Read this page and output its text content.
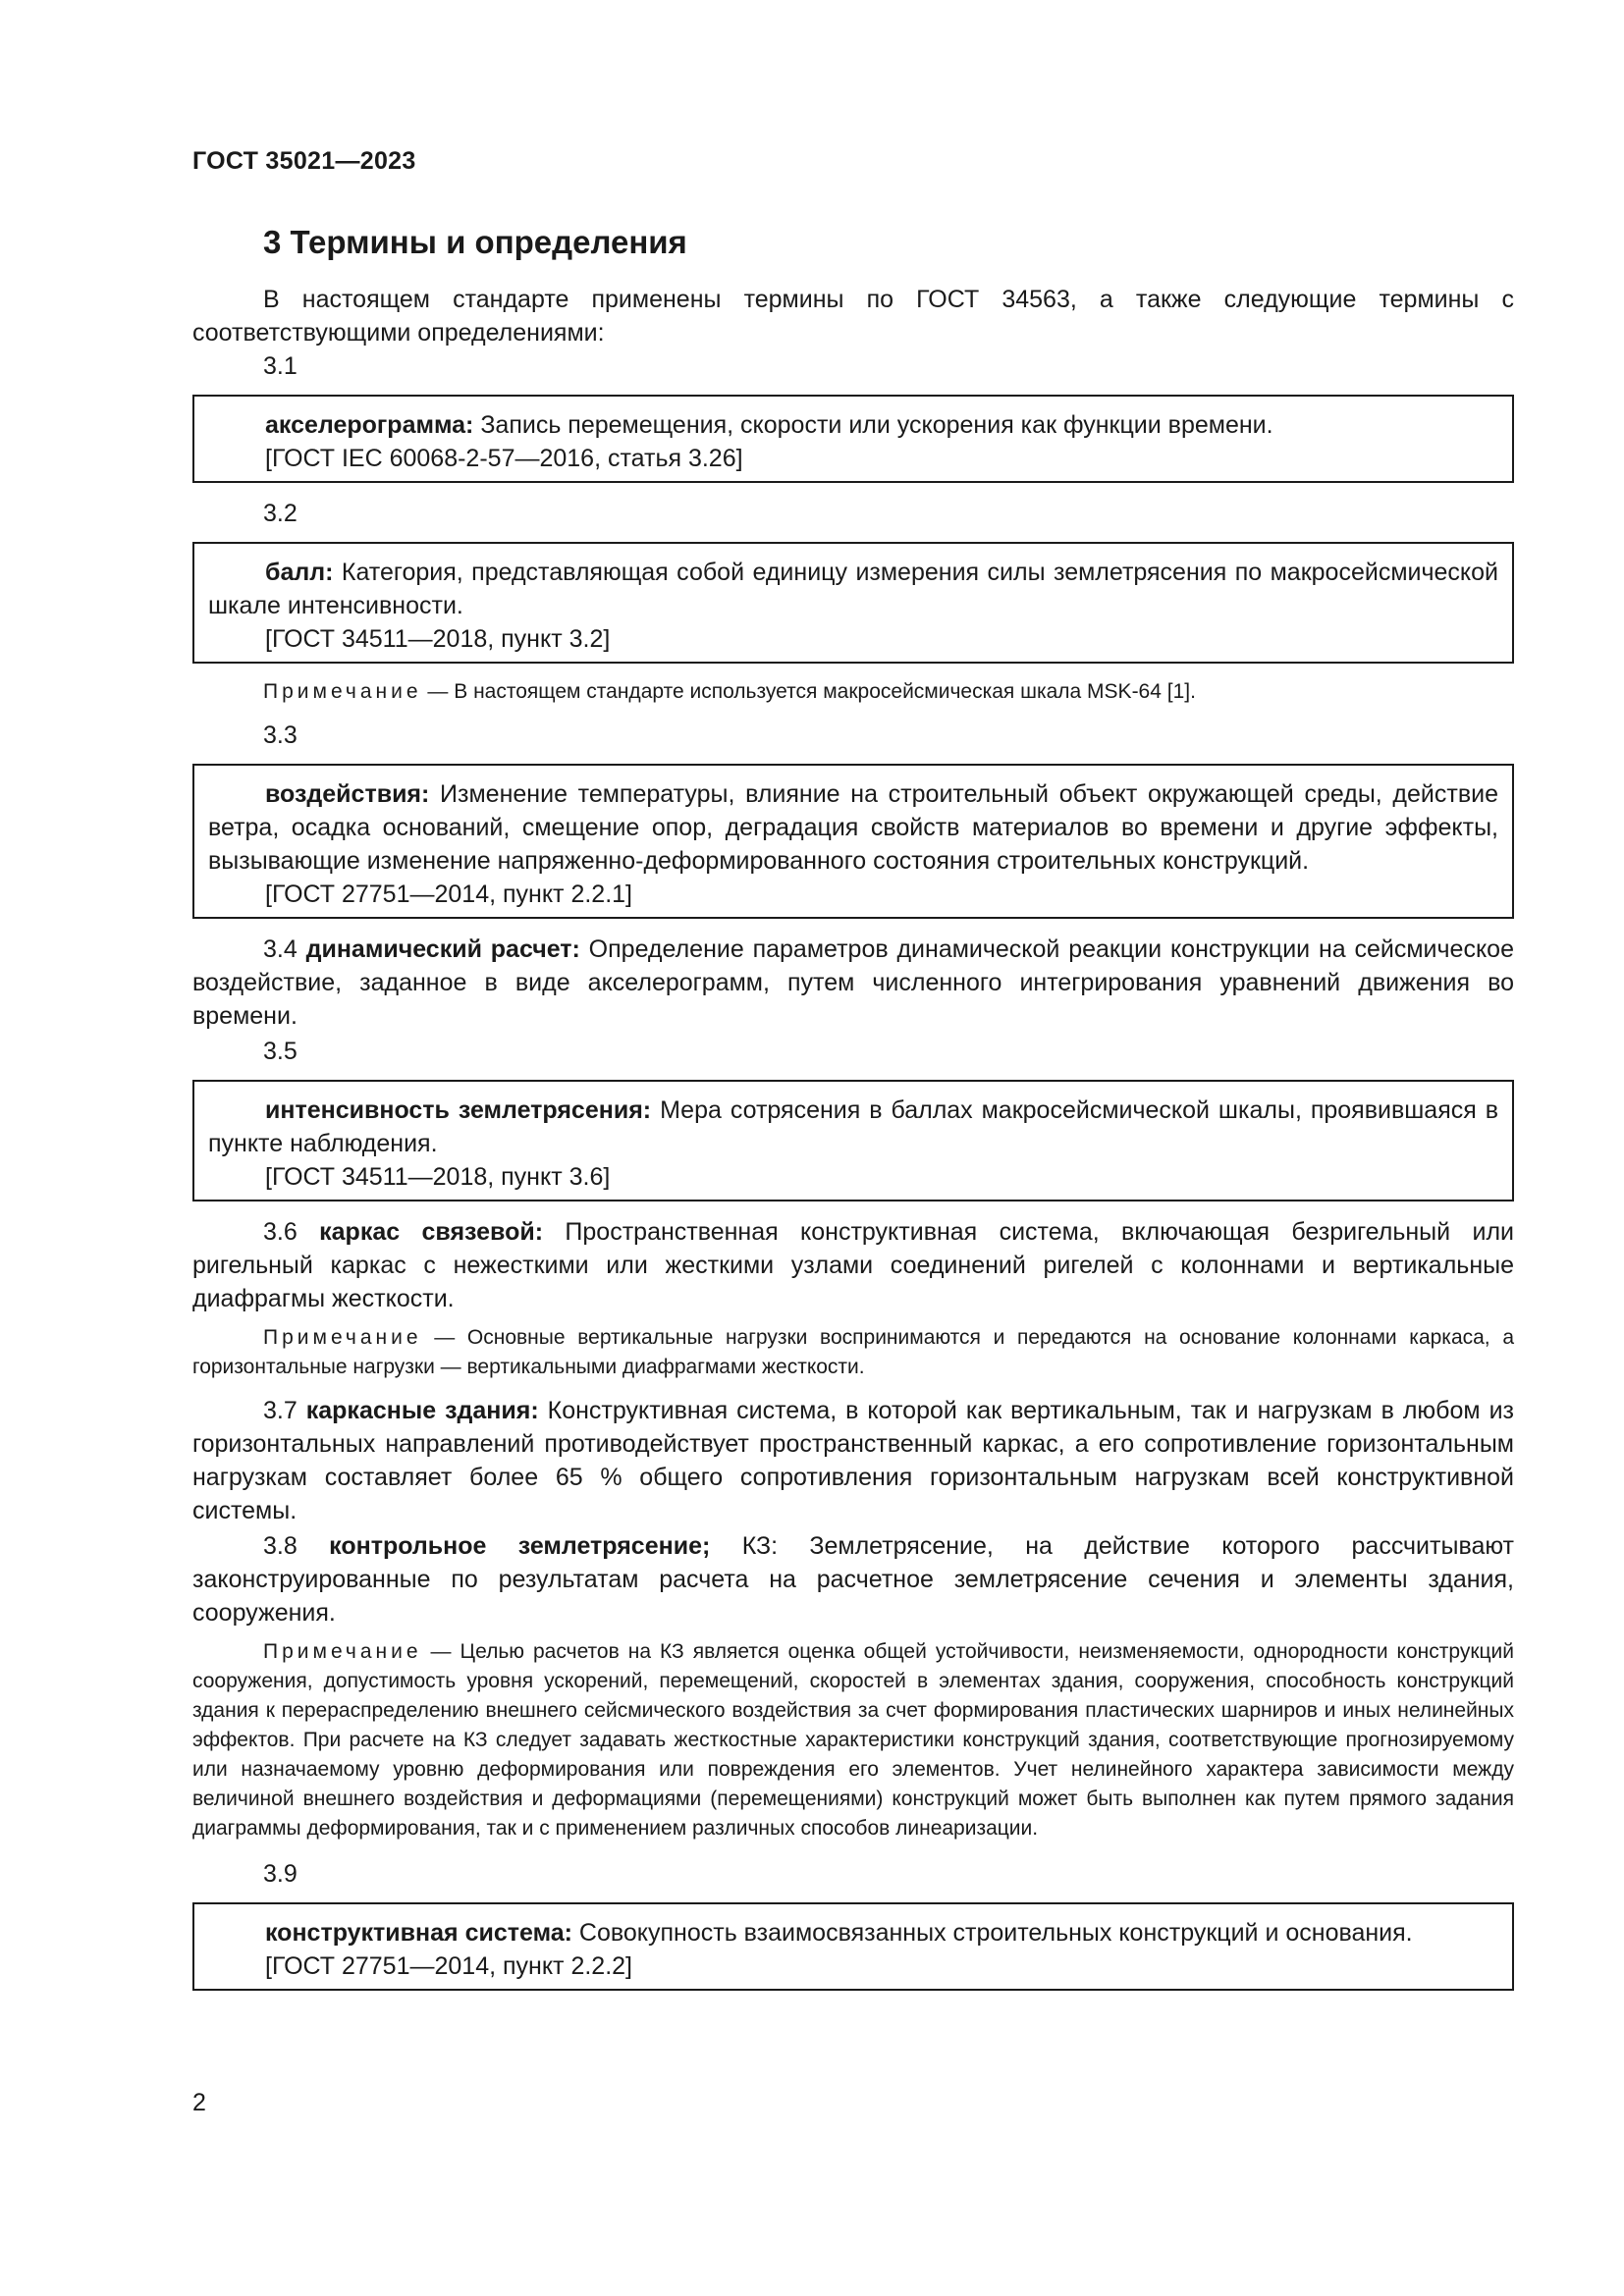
ГОСТ 35021—2023
3 Термины и определения

В настоящем стандарте применены термины по ГОСТ 34563, а также следующие термины с соответствующими определениями:

3.1

акселерограмма: Запись перемещения, скорости или ускорения как функции времени.

[ГОСТ IEC 60068-2-57—2016, статья 3.26]

3.2

балл: Категория, представляющая собой единицу измерения силы землетрясения по макросейсмической шкале интенсивности.

[ГОСТ 34511—2018, пункт 3.2]

Примечание — В настоящем стандарте используется макросейсмическая шкала MSK-64 [1].

3.3

воздействия: Изменение температуры, влияние на строительный объект окружающей среды, действие ветра, осадка оснований, смещение опор, деградация свойств материалов во времени и другие эффекты, вызывающие изменение напряженно-деформированного состояния строительных конструкций.

[ГОСТ 27751—2014, пункт 2.2.1]

3.4 динамический расчет: Определение параметров динамической реакции конструкции на сейсмическое воздействие, заданное в виде акселерограмм, путем численного интегрирования уравнений движения во времени.

3.5

интенсивность землетрясения: Мера сотрясения в баллах макросейсмической шкалы, проявившаяся в пункте наблюдения.

[ГОСТ 34511—2018, пункт 3.6]

3.6 каркас связевой: Пространственная конструктивная система, включающая безригельный или ригельный каркас с нежесткими или жесткими узлами соединений ригелей с колоннами и вертикальные диафрагмы жесткости.

Примечание — Основные вертикальные нагрузки воспринимаются и передаются на основание колоннами каркаса, а горизонтальные нагрузки — вертикальными диафрагмами жесткости.

3.7 каркасные здания: Конструктивная система, в которой как вертикальным, так и нагрузкам в любом из горизонтальных направлений противодействует пространственный каркас, а его сопротивление горизонтальным нагрузкам составляет более 65 % общего сопротивления горизонтальным нагрузкам всей конструктивной системы.

3.8 контрольное землетрясение; КЗ: Землетрясение, на действие которого рассчитывают законструированные по результатам расчета на расчетное землетрясение сечения и элементы здания, сооружения.

Примечание — Целью расчетов на КЗ является оценка общей устойчивости, неизменяемости, однородности конструкций сооружения, допустимость уровня ускорений, перемещений, скоростей в элементах здания, сооружения, способность конструкций здания к перераспределению внешнего сейсмического воздействия за счет формирования пластических шарниров и иных нелинейных эффектов. При расчете на КЗ следует задавать жесткостные характеристики конструкций здания, соответствующие прогнозируемому или назначаемому уровню деформирования или повреждения его элементов. Учет нелинейного характера зависимости между величиной внешнего воздействия и деформациями (перемещениями) конструкций может быть выполнен как путем прямого задания диаграммы деформирования, так и с применением различных способов линеаризации.

3.9

конструктивная система: Совокупность взаимосвязанных строительных конструкций и основания.

[ГОСТ 27751—2014, пункт 2.2.2]

2
